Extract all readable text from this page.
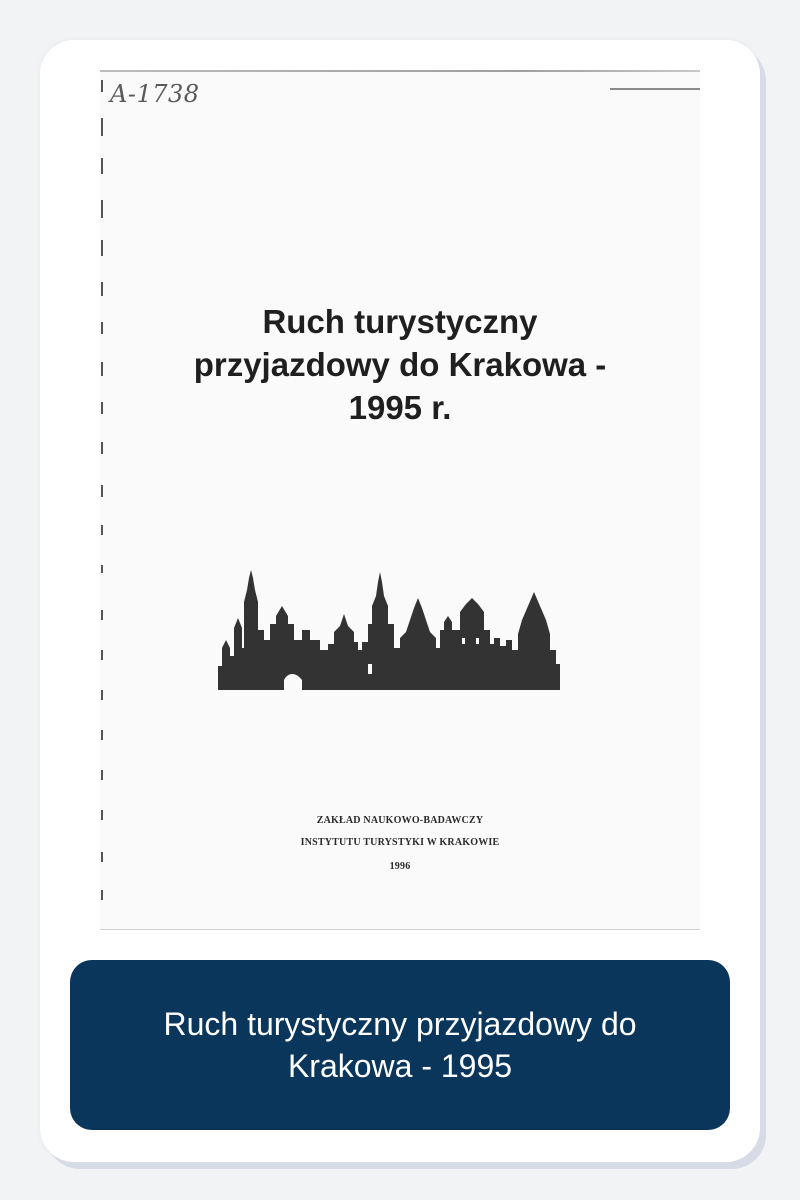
A-1738
Ruch turystyczny
przyjazdowy do Krakowa -
1995 r.
ZAKŁAD NAUKOWO-BADAWCZY
INSTYTUTU TURYSTYKI W KRAKOWIE
1996
Ruch turystyczny przyjazdowy do Krakowa - 1995
